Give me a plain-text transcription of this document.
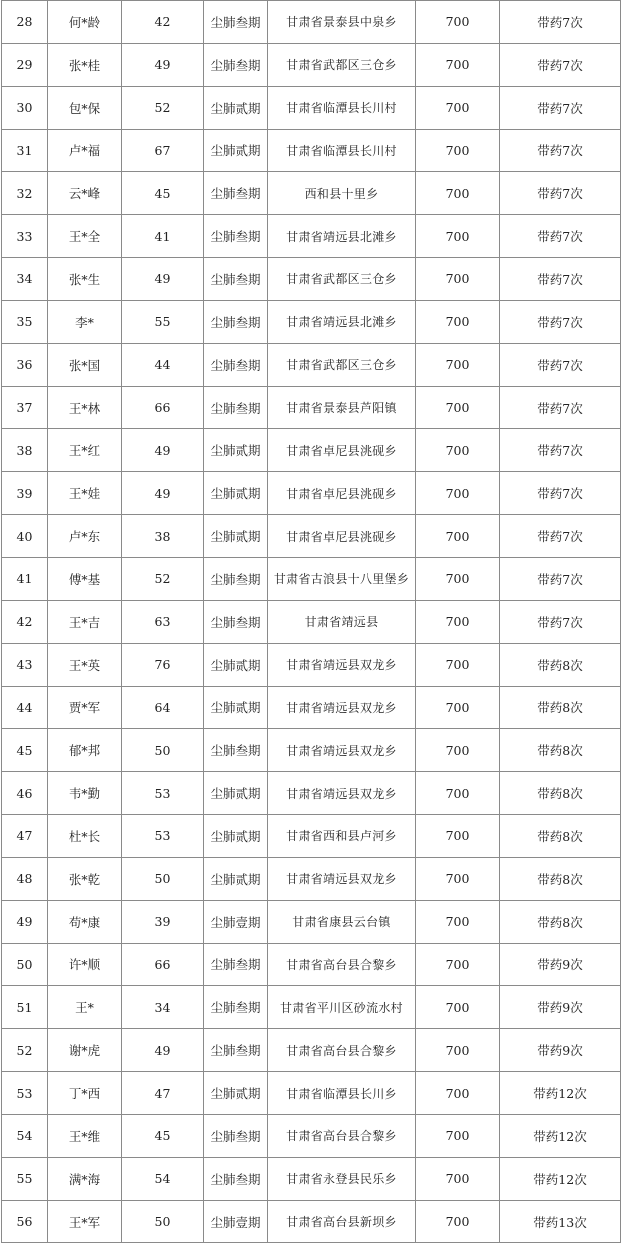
28	何*龄	42	尘肺叁期	甘肃省景泰县中泉乡	700	带药7次
29	张*桂	49	尘肺叁期	甘肃省武都区三仓乡	700	带药7次
30	包*保	52	尘肺贰期	甘肃省临潭县长川村	700	带药7次
31	卢*福	67	尘肺贰期	甘肃省临潭县长川村	700	带药7次
32	云*峰	45	尘肺叁期	西和县十里乡	700	带药7次
33	王*全	41	尘肺叁期	甘肃省靖远县北滩乡	700	带药7次
34	张*生	49	尘肺叁期	甘肃省武都区三仓乡	700	带药7次
35	李*	55	尘肺叁期	甘肃省靖远县北滩乡	700	带药7次
36	张*国	44	尘肺叁期	甘肃省武都区三仓乡	700	带药7次
37	王*林	66	尘肺叁期	甘肃省景泰县芦阳镇	700	带药7次
38	王*红	49	尘肺贰期	甘肃省卓尼县洮砚乡	700	带药7次
39	王*娃	49	尘肺贰期	甘肃省卓尼县洮砚乡	700	带药7次
40	卢*东	38	尘肺贰期	甘肃省卓尼县洮砚乡	700	带药7次
41	傅*基	52	尘肺叁期	甘肃省古浪县十八里堡乡	700	带药7次
42	王*吉	63	尘肺叁期	甘肃省靖远县	700	带药7次
43	王*英	76	尘肺贰期	甘肃省靖远县双龙乡	700	带药8次
44	贾*军	64	尘肺贰期	甘肃省靖远县双龙乡	700	带药8次
45	郁*邦	50	尘肺叁期	甘肃省靖远县双龙乡	700	带药8次
46	韦*勤	53	尘肺贰期	甘肃省靖远县双龙乡	700	带药8次
47	杜*长	53	尘肺贰期	甘肃省西和县卢河乡	700	带药8次
48	张*乾	50	尘肺贰期	甘肃省靖远县双龙乡	700	带药8次
49	苟*康	39	尘肺壹期	甘肃省康县云台镇	700	带药8次
50	许*顺	66	尘肺叁期	甘肃省高台县合黎乡	700	带药9次
51	王*	34	尘肺叁期	甘肃省平川区砂流水村	700	带药9次
52	谢*虎	49	尘肺叁期	甘肃省高台县合黎乡	700	带药9次
53	丁*西	47	尘肺贰期	甘肃省临潭县长川乡	700	带药12次
54	王*维	45	尘肺叁期	甘肃省高台县合黎乡	700	带药12次
55	满*海	54	尘肺叁期	甘肃省永登县民乐乡	700	带药12次
56	王*军	50	尘肺壹期	甘肃省高台县新坝乡	700	带药13次
